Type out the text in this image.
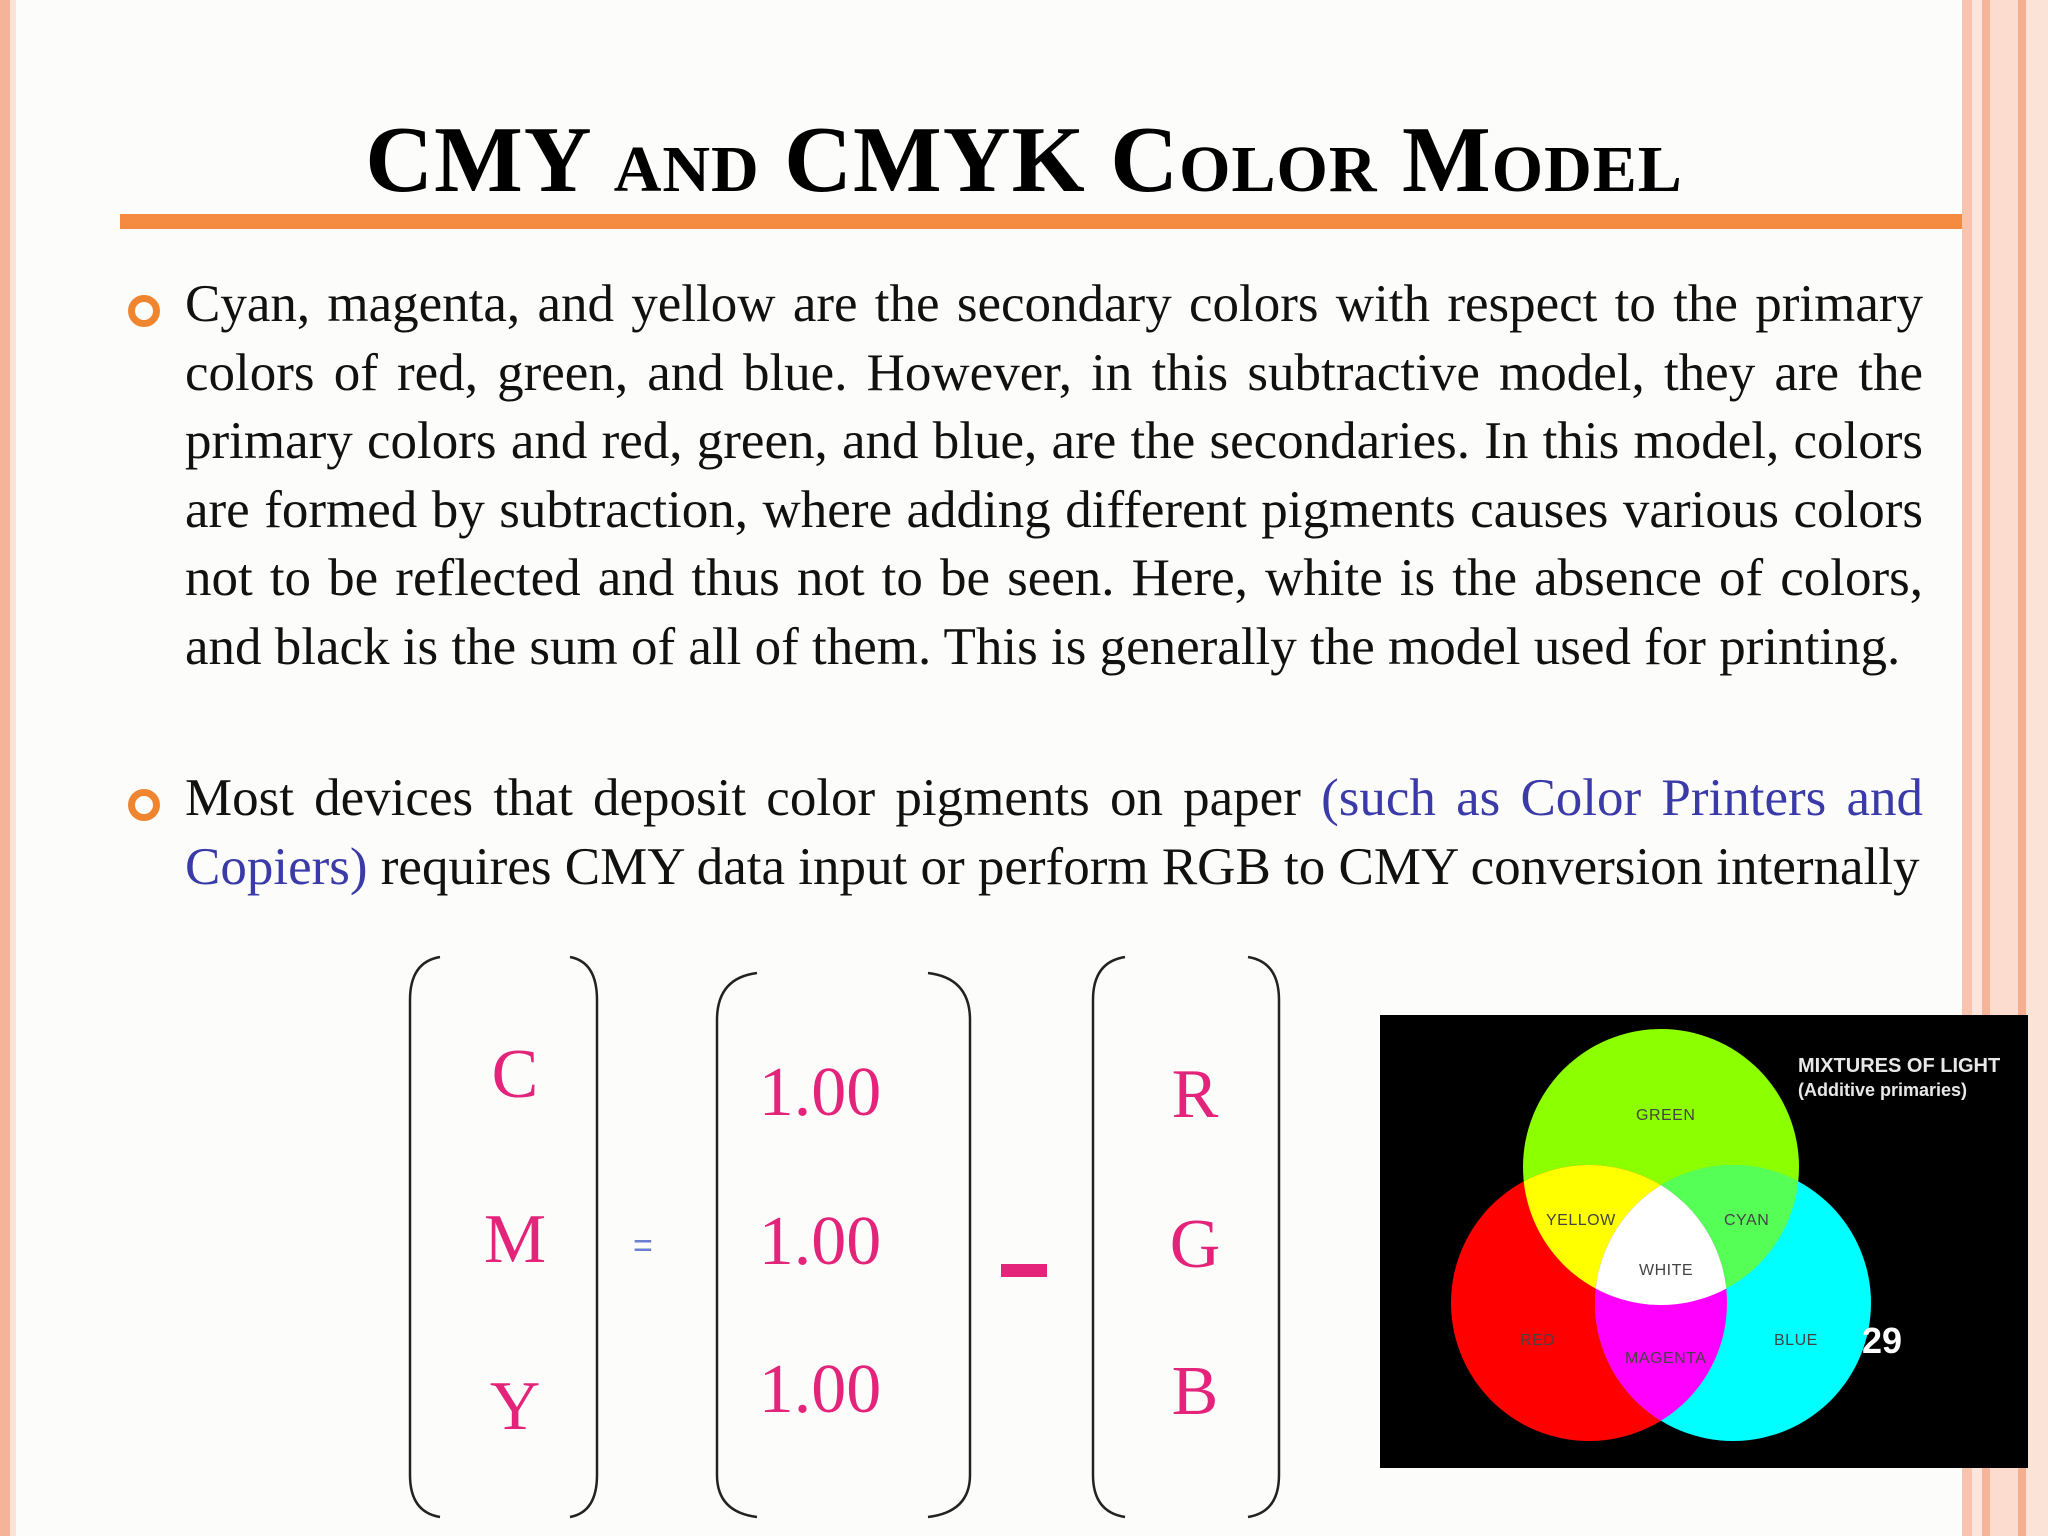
CMY and CMYK Color Model
Cyan, magenta, and yellow are the secondary colors with respect to the primary colors of red, green, and blue. However, in this subtractive model, they are the primary colors and red, green, and blue, are the secondaries. In this model, colors are formed by subtraction, where adding different pigments causes various colors not to be reflected and thus not to be seen. Here, white is the absence of colors, and black is the sum of all of them. This is generally the model used for printing.
Most devices that deposit color pigments on paper (such as Color Printers and Copiers) requires CMY data input or perform RGB to CMY conversion internally
C
M
Y
=
1.00
1.00
1.00
R
G
B
MIXTURES OF LIGHT
(Additive primaries)
GREEN
YELLOW	CYAN
WHITE
RED
MAGENTA
BLUE 29
